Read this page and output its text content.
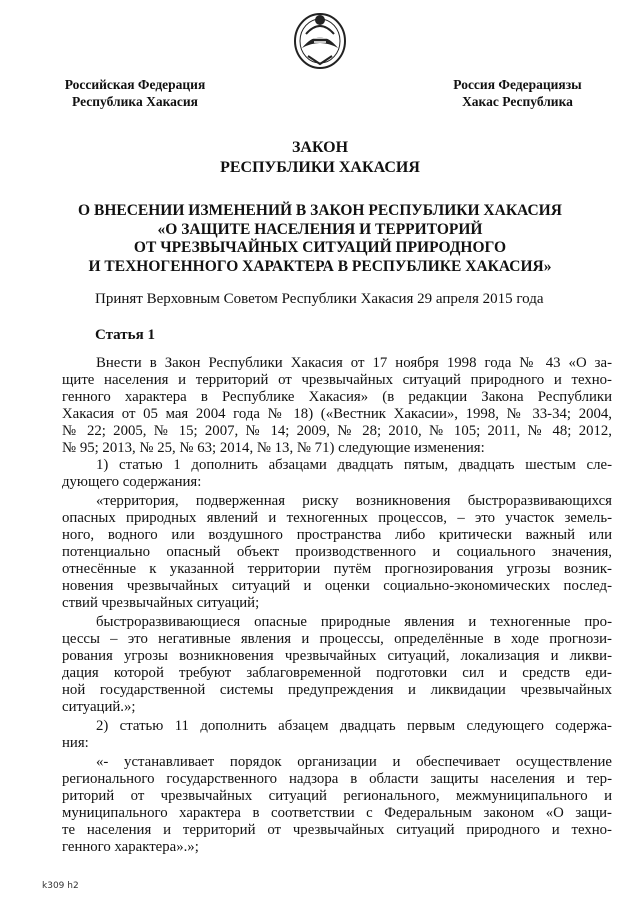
Российская Федерация
Республика Хакасия
Россия Федерациязы
Хакас Республика
ЗАКОН
РЕСПУБЛИКИ ХАКАСИЯ
О ВНЕСЕНИИ ИЗМЕНЕНИЙ В ЗАКОН РЕСПУБЛИКИ ХАКАСИЯ
«О ЗАЩИТЕ НАСЕЛЕНИЯ И ТЕРРИТОРИЙ
ОТ ЧРЕЗВЫЧАЙНЫХ СИТУАЦИЙ ПРИРОДНОГО
И ТЕХНОГЕННОГО ХАРАКТЕРА В РЕСПУБЛИКЕ ХАКАСИЯ»
Принят Верховным Советом Республики Хакасия 29 апреля 2015 года
Статья 1
Внести в Закон Республики Хакасия от 17 ноября 1998 года № 43 «О за-
щите населения и территорий от чрезвычайных ситуаций природного и техно-
генного характера в Республике Хакасия» (в редакции Закона Республики
Хакасия от 05 мая 2004 года № 18) («Вестник Хакасии», 1998, № 33-34; 2004,
№ 22; 2005, № 15; 2007, № 14; 2009, № 28; 2010, № 105; 2011, № 48; 2012,
№ 95; 2013, № 25, № 63; 2014, № 13, № 71) следующие изменения:
1) статью 1 дополнить абзацами двадцать пятым, двадцать шестым сле-
дующего содержания:
«территория, подверженная риску возникновения быстроразвивающихся
опасных природных явлений и техногенных процессов, – это участок земель-
ного, водного или воздушного пространства либо критически важный или
потенциально опасный объект производственного и социального значения,
отнесённые к указанной территории путём прогнозирования угрозы возник-
новения чрезвычайных ситуаций и оценки социально-экономических послед-
ствий чрезвычайных ситуаций;
быстроразвивающиеся опасные природные явления и техногенные про-
цессы – это негативные явления и процессы, определённые в ходе прогнози-
рования угрозы возникновения чрезвычайных ситуаций, локализация и ликви-
дация которой требуют заблаговременной подготовки сил и средств еди-
ной государственной системы предупреждения и ликвидации чрезвычайных
ситуаций.»;
2) статью 11 дополнить абзацем двадцать первым следующего содержа-
ния:
«- устанавливает порядок организации и обеспечивает осуществление
регионального государственного надзора в области защиты населения и тер-
риторий от чрезвычайных ситуаций регионального, межмуниципального и
муниципального характера в соответствии с Федеральным законом «О защи-
те населения и территорий от чрезвычайных ситуаций природного и техно-
генного характера».»;
k309 h2
